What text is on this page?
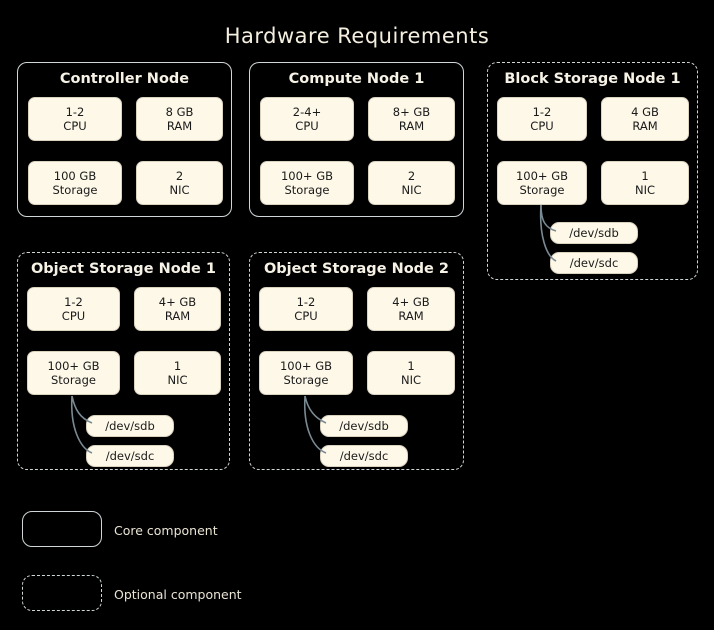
Hardware Requirements
Controller Node
1-2
CPU
8 GB
RAM
100 GB
Storage
2
NIC
Compute Node 1
2-4+
CPU
8+ GB
RAM
100+ GB
Storage
2
NIC
Block Storage Node 1
1-2
CPU
4 GB
RAM
100+ GB
Storage
1
NIC
/dev/sdb
/dev/sdc
Object Storage Node 1
1-2
CPU
4+ GB
RAM
100+ GB
Storage
1
NIC
/dev/sdb
/dev/sdc
Object Storage Node 2
1-2
CPU
4+ GB
RAM
100+ GB
Storage
1
NIC
/dev/sdb
/dev/sdc
Core component
Optional component
